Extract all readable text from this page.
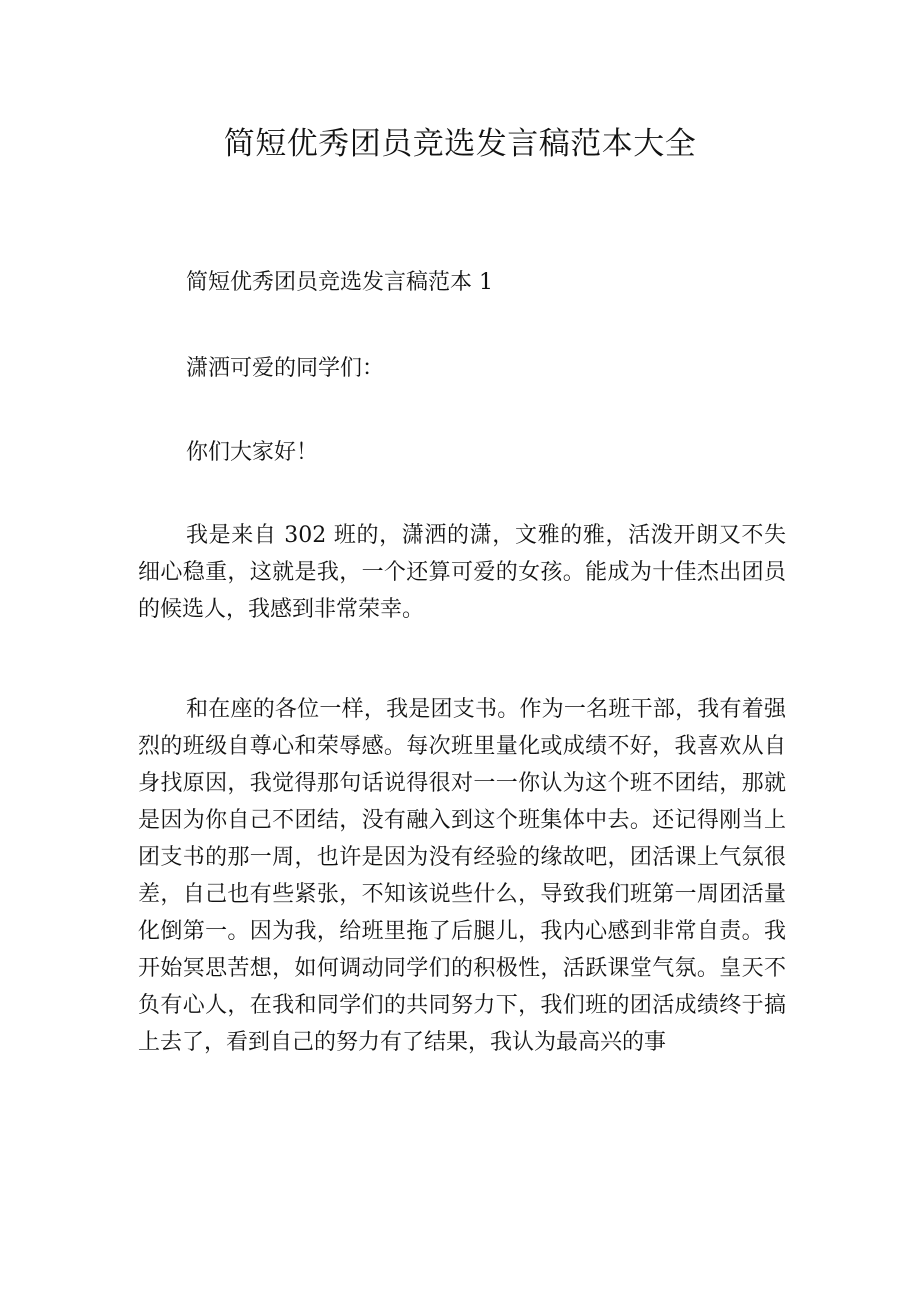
简短优秀团员竞选发言稿范本大全
简短优秀团员竞选发言稿范本 1
潇洒可爱的同学们：
你们大家好！
我是来自 302 班的，潇洒的潇，文雅的雅，活泼开朗又不失细心稳重，这就是我，一个还算可爱的女孩。能成为十佳杰出团员的候选人，我感到非常荣幸。
和在座的各位一样，我是团支书。作为一名班干部，我有着强烈的班级自尊心和荣辱感。每次班里量化或成绩不好，我喜欢从自身找原因，我觉得那句话说得很对一一你认为这个班不团结，那就是因为你自己不团结，没有融入到这个班集体中去。还记得刚当上团支书的那一周，也许是因为没有经验的缘故吧，团活课上气氛很差，自己也有些紧张，不知该说些什么，导致我们班第一周团活量化倒第一。因为我，给班里拖了后腿儿，我内心感到非常自责。我开始冥思苦想，如何调动同学们的积极性，活跃课堂气氛。皇天不负有心人，在我和同学们的共同努力下，我们班的团活成绩终于搞上去了，看到自己的努力有了结果，我认为最高兴的事
